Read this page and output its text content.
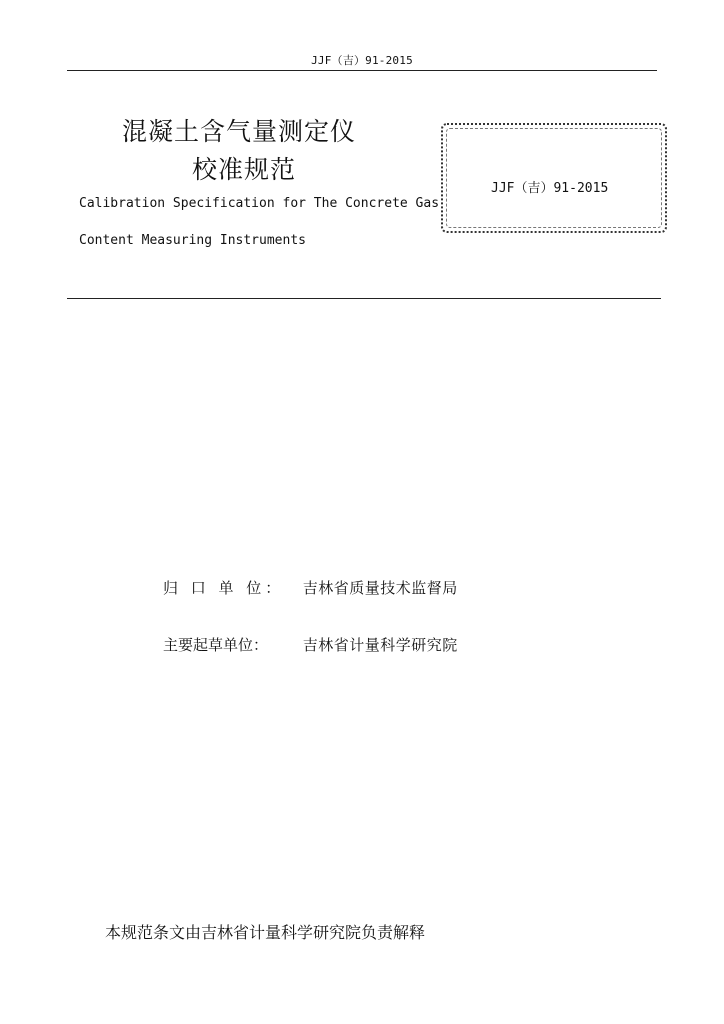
JJF（吉）91-2015
混凝土含气量测定仪
校准规范
Calibration Specification for The Concrete Gas
Content Measuring Instruments
JJF（吉）91-2015
归 口 单 位： 吉林省质量技术监督局
主要起草单位： 吉林省计量科学研究院
本规范条文由吉林省计量科学研究院负责解释
